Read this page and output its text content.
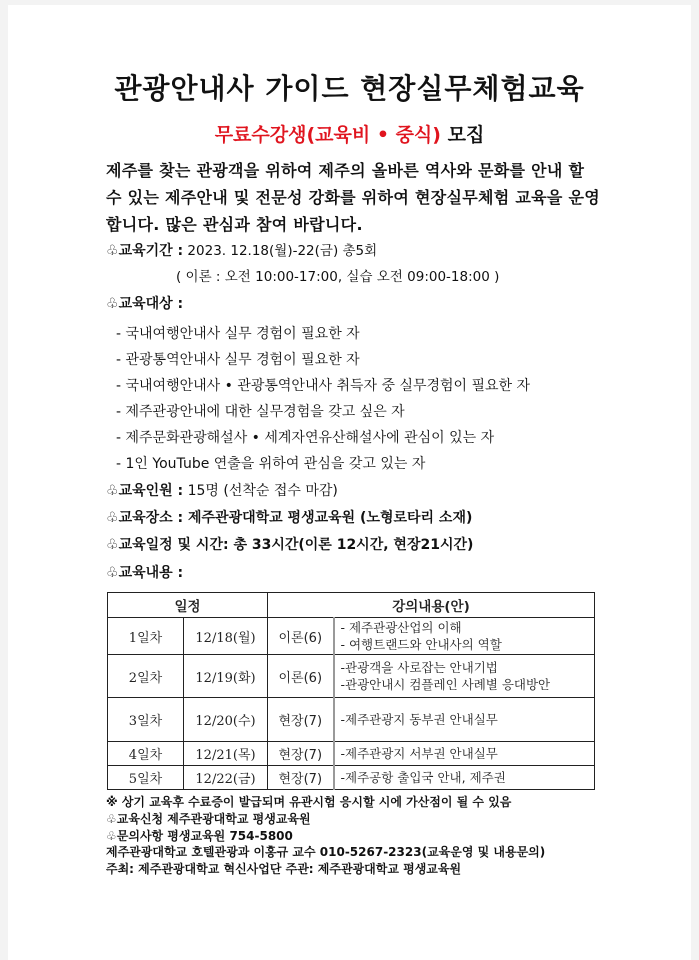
관광안내사 가이드 현장실무체험교육
무료수강생(교육비 • 중식) 모집
제주를 찾는 관광객을 위하여 제주의 올바른 역사와 문화를 안내 할
수 있는 제주안내 및 전문성 강화를 위하여 현장실무체험 교육을 운영
합니다. 많은 관심과 참여 바랍니다.
♧교육기간 : 2023. 12.18(월)-22(금) 총5회
( 이론 : 오전 10:00-17:00, 실습 오전 09:00-18:00 )
♧교육대상 :
- 국내여행안내사 실무 경험이 필요한 자
- 관광통역안내사 실무 경험이 필요한 자
- 국내여행안내사 • 관광통역안내사 취득자 중 실무경험이 필요한 자
- 제주관광안내에 대한 실무경험을 갖고 싶은 자
- 제주문화관광해설사 • 세계자연유산해설사에 관심이 있는 자
- 1인 YouTube 연출을 위하여 관심을 갖고 있는 자
♧교육인원 : 15명 (선착순 접수 마감)
♧교육장소 : 제주관광대학교 평생교육원 (노형로타리 소재)
♧교육일정 및 시간: 총 33시간(이론 12시간, 현장21시간)
♧교육내용 :
일정		강의내용(안)	
1일차	12/18(월)	이론(6)	- 제주관광산업의 이해
- 여행트랜드와 안내사의 역할

2일차	12/19(화)	이론(6)	-관광객을 사로잡는 안내기법
-관광안내시 컴플레인 사례별 응대방안

3일차	12/20(수)	현장(7)	-제주관광지 동부권 안내실무

4일차	12/21(목)	현장(7)	-제주관광지 서부권 안내실무

5일차	12/22(금)	현장(7)	-제주공항 출입국 안내, 제주권
※ 상기 교육후 수료증이 발급되며 유관시험 응시할 시에 가산점이 될 수 있음
♧교육신청 제주관광대학교 평생교육원
♧문의사항 평생교육원 754-5800
제주관광대학교 호텔관광과 이홍규 교수 010-5267-2323(교육운영 및 내용문의)
주최: 제주관광대학교 혁신사업단 주관: 제주관광대학교 평생교육원
